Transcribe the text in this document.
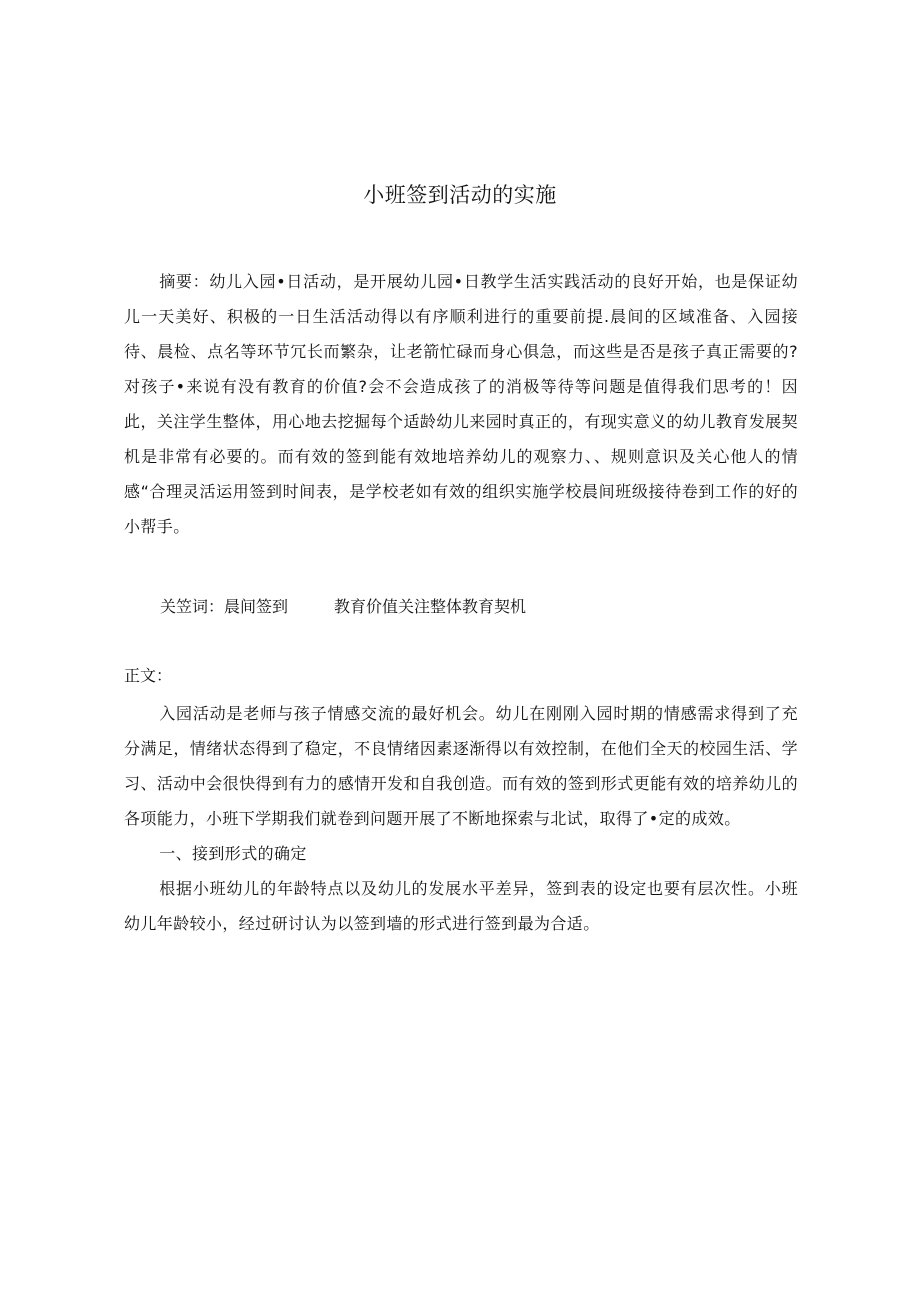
小班签到活动的实施
摘要：幼儿入园•日活动，是开展幼儿园•日教学生活实践活动的良好开始，也是保证幼儿一天美好、积极的一日生活活动得以有序顺利进行的重要前提.晨间的区域准备、入园接待、晨检、点名等环节冗长而繁杂，让老箭忙碌而身心俱急，而这些是否是孩子真正需要的?对孩子•来说有没有教育的价值?会不会造成孩了的消极等待等问题是值得我们思考的！因此，关注学生整体，用心地去挖掘每个适龄幼儿来园时真正的，有现实意义的幼儿教育发展契机是非常有必要的。而有效的签到能有效地培养幼儿的观察力、、规则意识及关心他人的情感“合理灵活运用签到时间表，是学校老如有效的组织实施学校晨间班级接待卷到工作的好的小帮手。
关笠词：晨间签到	教育价值关注整体教育契机
正文：

入园活动是老师与孩子情感交流的最好机会。幼儿在刚刚入园时期的情感需求得到了充分满足，情绪状态得到了稳定，不良情绪因素逐渐得以有效控制，在他们全天的校园生活、学习、活动中会很快得到有力的感情开发和自我创造。而有效的签到形式更能有效的培养幼儿的各项能力，小班下学期我们就卷到问题开展了不断地探索与北试，取得了•定的成效。

一、接到形式的确定

根据小班幼儿的年龄特点以及幼儿的发展水平差异，签到表的设定也要有层次性。小班幼儿年龄较小，经过研讨认为以签到墙的形式进行签到最为合适。
